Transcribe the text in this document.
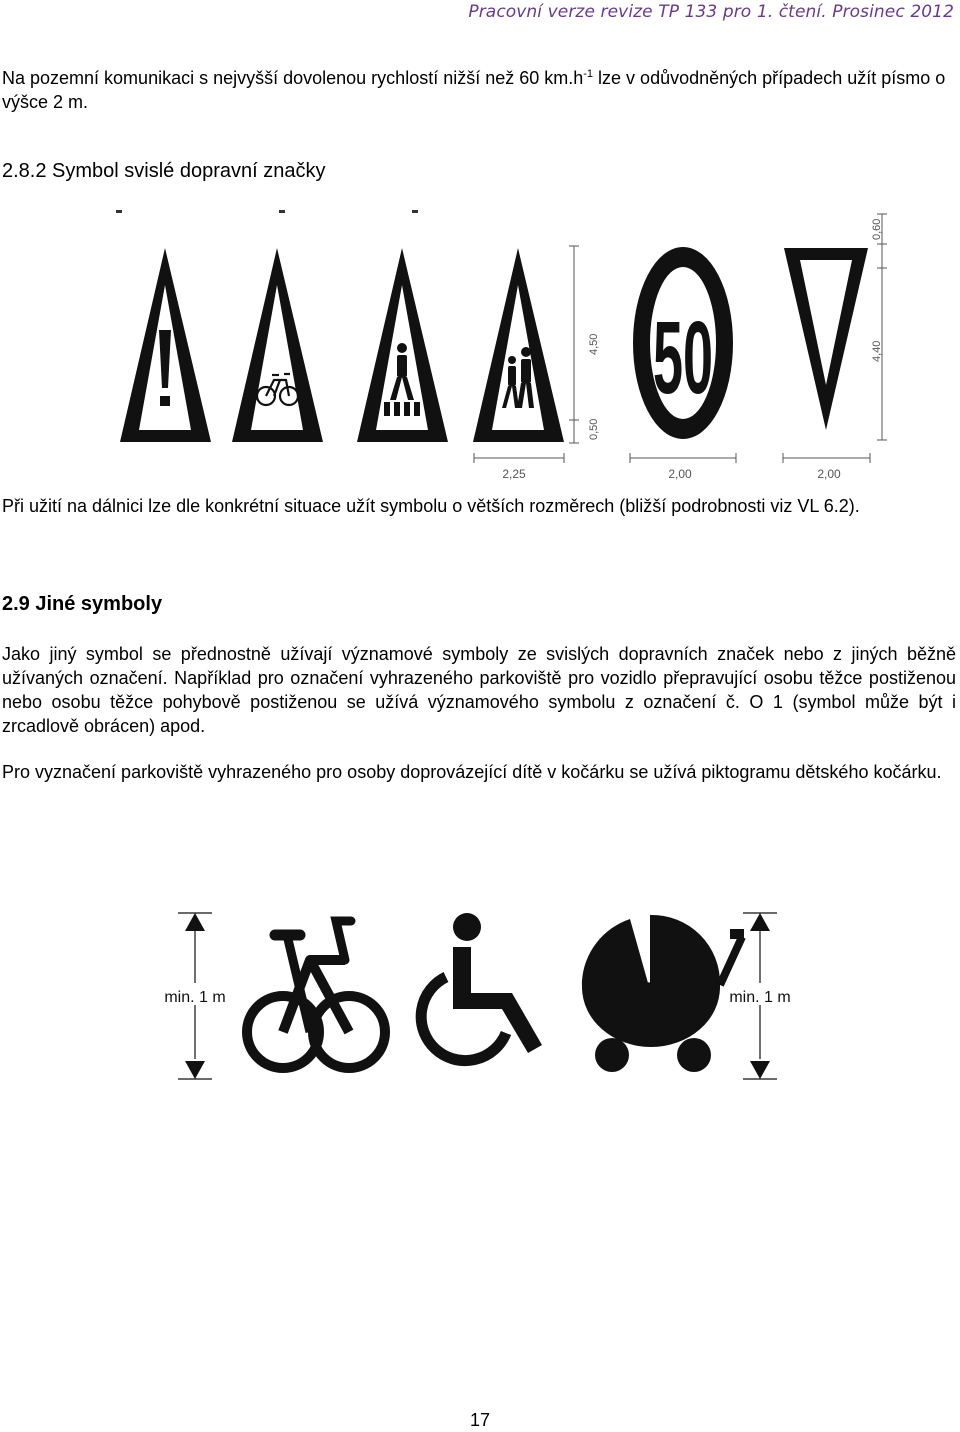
Pracovní verze revize TP 133 pro 1. čtení. Prosinec 2012

Na pozemní komunikaci s nejvyšší dovolenou rychlostí nižší než 60 $km.h^{-1}$ lze v odůvodněných případech užít písmo o výšce 2 m.

2.8.2 Symbol svislé dopravní značky
4,50
0,50
50
0,60
4,40
2,25	2,00	2,00

Při užití na dálnici lze dle konkrétní situace užít symbolu o větších rozměrech (bližší podrobnosti viz VL 6.2).

2.9 Jiné symboly

Jako jiný symbol se přednostně užívají významové symboly ze svislých dopravních značek nebo z jiných běžně užívaných označení. Například pro označení vyhrazeného parkoviště pro vozidlo přepravující osobu těžce postiženou nebo osobu těžce pohybově postiženou se užívá významového symbolu z označení č. O 1 (symbol může být i zrcadlově obrácen) apod.

Pro vyznačení parkoviště vyhrazeného pro osoby doprovázející dítě v kočárku se užívá piktogramu dětského kočárku.

min. 1 m	min. 1 m
17
